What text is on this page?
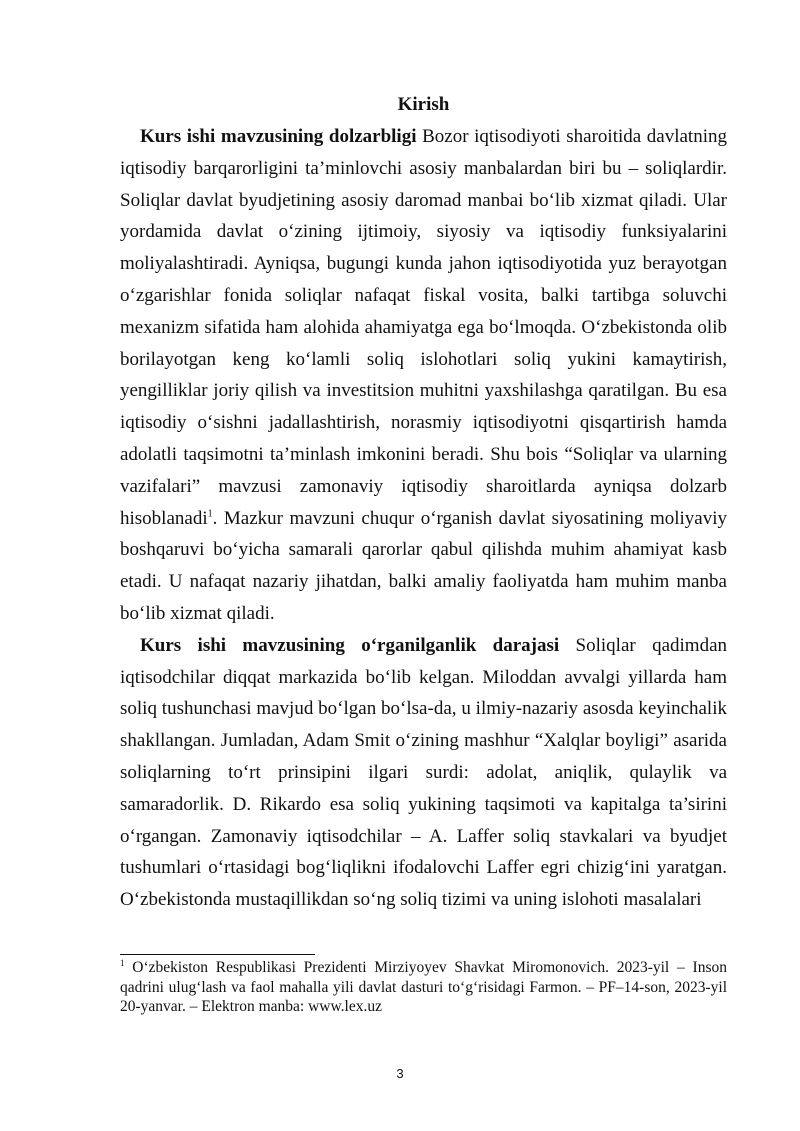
Kirish

Kurs ishi mavzusining dolzarbligi Bozor iqtisodiyoti sharoitida davlatning iqtisodiy barqarorligini ta’minlovchi asosiy manbalardan biri bu – soliqlardir. Soliqlar davlat byudjetining asosiy daromad manbai bo‘lib xizmat qiladi. Ular yordamida davlat o‘zining ijtimoiy, siyosiy va iqtisodiy funksiyalarini moliyalashtiradi. Ayniqsa, bugungi kunda jahon iqtisodiyotida yuz berayotgan o‘zgarishlar fonida soliqlar nafaqat fiskal vosita, balki tartibga soluvchi mexanizm sifatida ham alohida ahamiyatga ega bo‘lmoqda. O‘zbekistonda olib borilayotgan keng ko‘lamli soliq islohotlari soliq yukini kamaytirish, yengilliklar joriy qilish va investitsion muhitni yaxshilashga qaratilgan. Bu esa iqtisodiy o‘sishni jadallashtirish, norasmiy iqtisodiyotni qisqartirish hamda adolatli taqsimotni ta’minlash imkonini beradi. Shu bois “Soliqlar va ularning vazifalari” mavzusi zamonaviy iqtisodiy sharoitlarda ayniqsa dolzarb hisoblanadi$^1$. Mazkur mavzuni chuqur o‘rganish davlat siyosatining moliyaviy boshqaruvi bo‘yicha samarali qarorlar qabul qilishda muhim ahamiyat kasb etadi. U nafaqat nazariy jihatdan, balki amaliy faoliyatda ham muhim manba bo‘lib xizmat qiladi.

Kurs ishi mavzusining o‘rganilganlik darajasi Soliqlar qadimdan iqtisodchilar diqqat markazida bo‘lib kelgan. Miloddan avvalgi yillarda ham soliq tushunchasi mavjud bo‘lgan bo‘lsa-da, u ilmiy-nazariy asosda keyinchalik shakllangan. Jumladan, Adam Smit o‘zining mashhur “Xalqlar boyligi” asarida soliqlarning to‘rt prinsipini ilgari surdi: adolat, aniqlik, qulaylik va samaradorlik. D. Rikardo esa soliq yukining taqsimoti va kapitalga ta’sirini o‘rgangan. Zamonaviy iqtisodchilar – A. Laffer soliq stavkalari va byudjet tushumlari o‘rtasidagi bog‘liqlikni ifodalovchi Laffer egri chizig‘ini yaratgan. O‘zbekistonda mustaqillikdan so‘ng soliq tizimi va uning islohoti masalalari

$^1$ O‘zbekiston Respublikasi Prezidenti Mirziyoyev Shavkat Miromonovich. 2023-yil – Inson qadrini ulug‘lash va faol mahalla yili davlat dasturi to‘g‘risidagi Farmon. – PF–14-son, 2023-yil 20-yanvar. – Elektron manba: www.lex.uz

3
